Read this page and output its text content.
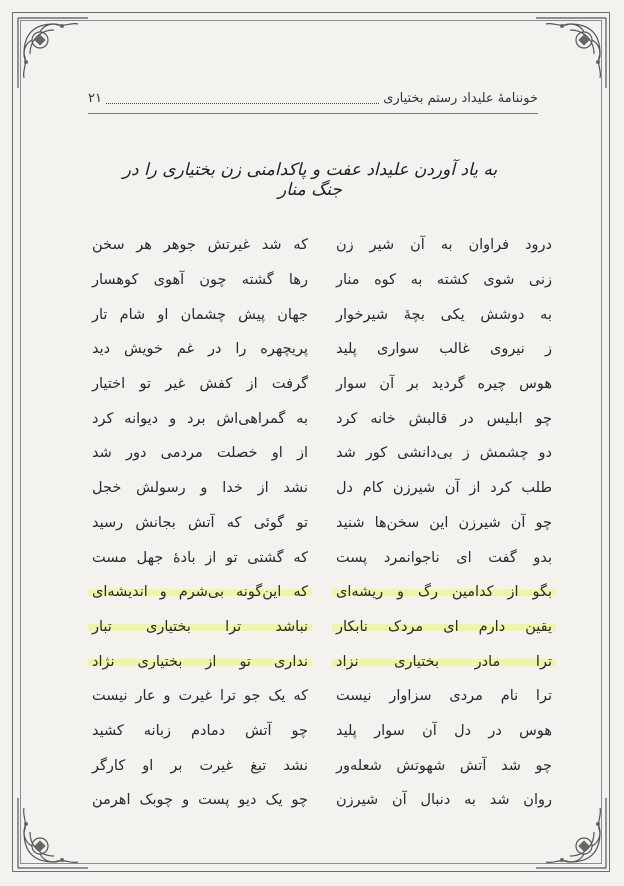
خوننامۀ علیداد رستم بختیاری
۲۱
به یاد آوردن علیداد عفت و پاکدامنی زن بختیاری را در جنگ منار
درود فراوان به آن شیر زن
که شد غیرتش جوهر هر سخن
زنی شوی کشته به کوه منار
رها گشته چون آهوی کوهسار
به دوشش یکی بچۀ شیرخوار
جهان پیش چشمان او شام تار
ز نیروی غالب سواری پلید
پریچهره را در غم خویش دید
هوس چیره گردید بر آن سوار
گرفت از کفش غیر تو اختیار
چو ابلیس در قالبش خانه کرد
به گمراهی‌اش برد و دیوانه کرد
دو چشمش ز بی‌دانشی کور شد
از او خصلت مردمی دور شد
طلب کرد از آن شیرزن کام دل
نشد از خدا و رسولش خجل
چو آن شیرزن این سخن‌ها شنید
تو گوئی که آتش بجانش رسید
بدو گفت ای ناجوانمرد پست
که گشتی تو از بادۀ جهل مست
بگو از کدامین رگ و ریشه‌ای
که این‌گونه بی‌شرم و اندیشه‌ای
یقین دارم ای مردک نابکار
نباشد ترا بختیاری تبار
ترا مادر بختیاری نزاد
نداری تو از بختیاری نژاد
ترا نام مردی سزاوار نیست
که یک جو ترا غیرت و عار نیست
هوس در دل آن سوار پلید
چو آتش دمادم زبانه کشید
چو شد آتش شهوتش شعله‌ور
نشد تیغ غیرت بر او کارگر
روان شد به دنبال آن شیرزن
چو یک دیو پست و چوبک اهرمن
